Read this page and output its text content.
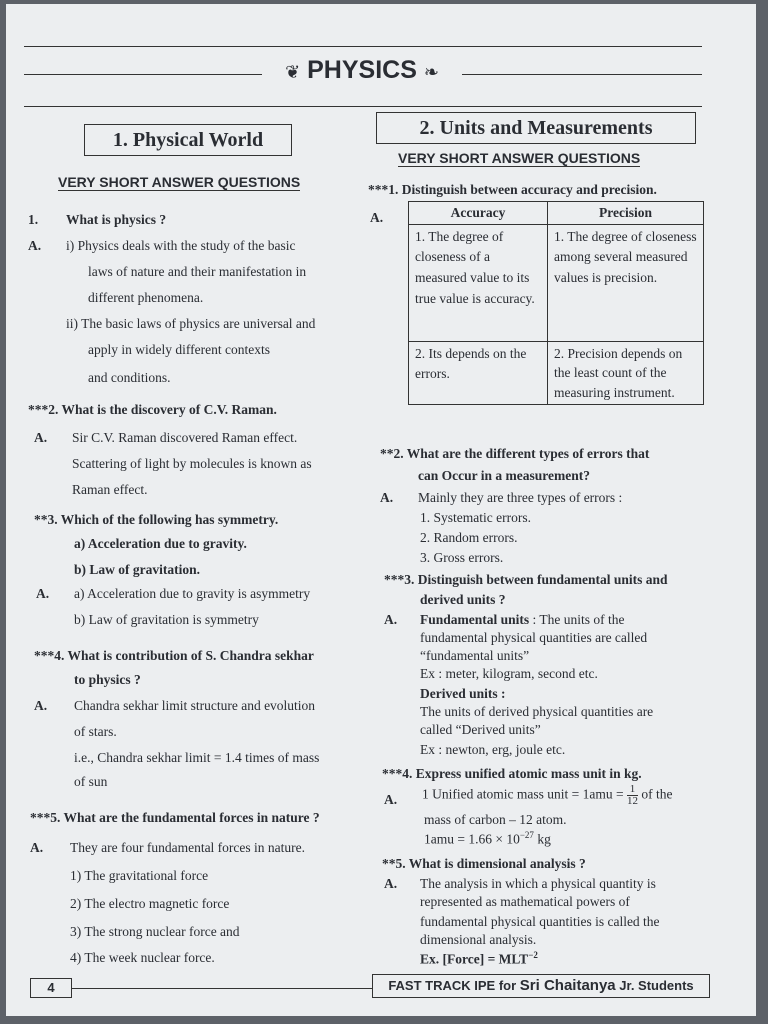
❦ PHYSICS ❧
1. Physical World
VERY SHORT ANSWER QUESTIONS
2. Units and Measurements
VERY SHORT ANSWER QUESTIONS
1. What is physics ?
A. i) Physics deals with the study of the basic
laws of nature and their manifestation in
different phenomena.
ii) The basic laws of physics are universal and
apply in widely different contexts
and conditions.
***2. What is the discovery of C.V. Raman.
A. Sir C.V. Raman discovered Raman effect.
Scattering of light by molecules is known as
Raman effect.
**3. Which of the following has symmetry.
a) Acceleration due to gravity.
b) Law of gravitation.
A. a) Acceleration due to gravity is asymmetry
b) Law of gravitation is symmetry
***4. What is contribution of S. Chandra sekhar
to physics ?
A. Chandra sekhar limit structure and evolution
of stars.
i.e., Chandra sekhar limit = 1.4 times of mass
of sun
***5. What are the fundamental forces in nature ?
A. They are four fundamental forces in nature.
1) The gravitational force
2) The electro magnetic force
3) The strong nuclear force and
4) The week nuclear force.
***1. Distinguish between accuracy and precision.
A.	Accuracy	Precision
1. The degree of closeness of a measured value to its true value is accuracy.	1. The degree of closeness among several measured values is precision.
2. Its depends on the errors.	2. Precision depends on the least count of the measuring instrument.
**2. What are the different types of errors that
can Occur in a measurement?
A. Mainly they are three types of errors :
1. Systematic errors.
2. Random errors.
3. Gross errors.
***3. Distinguish between fundamental units and
derived units ?
A. Fundamental units : The units of the
fundamental physical quantities are called
“fundamental units”
Ex : meter, kilogram, second etc.
Derived units :
The units of derived physical quantities are
called “Derived units”
Ex : newton, erg, joule etc.
***4. Express unified atomic mass unit in kg.
A. 1 Unified atomic mass unit = $1amu = \frac{1}{12}$ of the
mass of carbon – 12 atom.
$1amu = 1.66 \times 10^{-27}$ kg
**5. What is dimensional analysis ?
A. The analysis in which a physical quantity is
represented as mathematical powers of
fundamental physical quantities is called the
dimensional analysis.
Ex. [Force] = $MLT^{-2}$
4	FAST TRACK IPE for Sri Chaitanya Jr. Students
